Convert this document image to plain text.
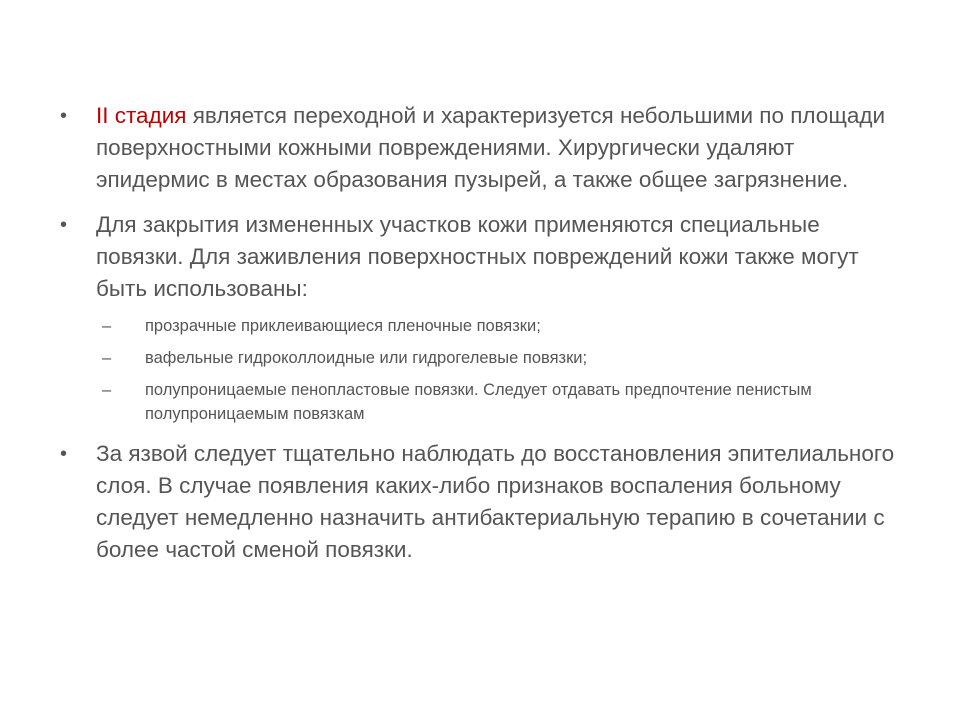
• II стадия является переходной и характеризуется небольшими по площади поверхностными кожными повреждениями. Хирургически удаляют эпидермис в местах образования пузырей, а также общее загрязнение.
• Для закрытия измененных участков кожи применяются специальные повязки. Для заживления поверхностных повреждений кожи также могут быть использованы:
– прозрачные приклеивающиеся пленочные повязки;
– вафельные гидроколлоидные или гидрогелевые повязки;
– полупроницаемые пенопластовые повязки. Следует отдавать предпочтение пенистым полупроницаемым повязкам
• За язвой следует тщательно наблюдать до восстановления эпителиального слоя. В случае появления каких-либо признаков воспаления больному следует немедленно назначить антибактериальную терапию в сочетании с более частой сменой повязки.
